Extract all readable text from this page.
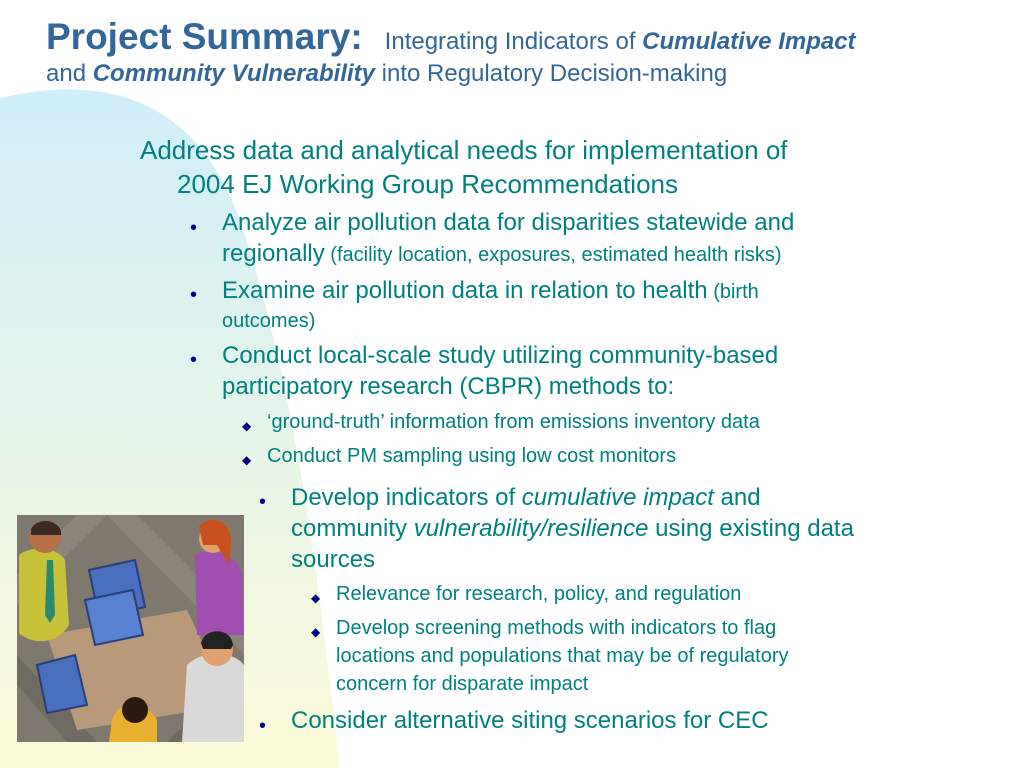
Project Summary: Integrating Indicators of Cumulative Impact
and Community Vulnerability into Regulatory Decision-making
Address data and analytical needs for implementation of
2004 EJ Working Group Recommendations
• Analyze air pollution data for disparities statewide and
regionally (facility location, exposures, estimated health risks)
• Examine air pollution data in relation to health (birth
outcomes)
• Conduct local-scale study utilizing community-based
participatory research (CBPR) methods to:
◆ ‘ground-truth’ information from emissions inventory data
◆ Conduct PM sampling using low cost monitors
• Develop indicators of cumulative impact and
community vulnerability/resilience using existing data
sources
◆ Relevance for research, policy, and regulation
◆ Develop screening methods with indicators to flag
locations and populations that may be of regulatory
concern for disparate impact
• Consider alternative siting scenarios for CEC
